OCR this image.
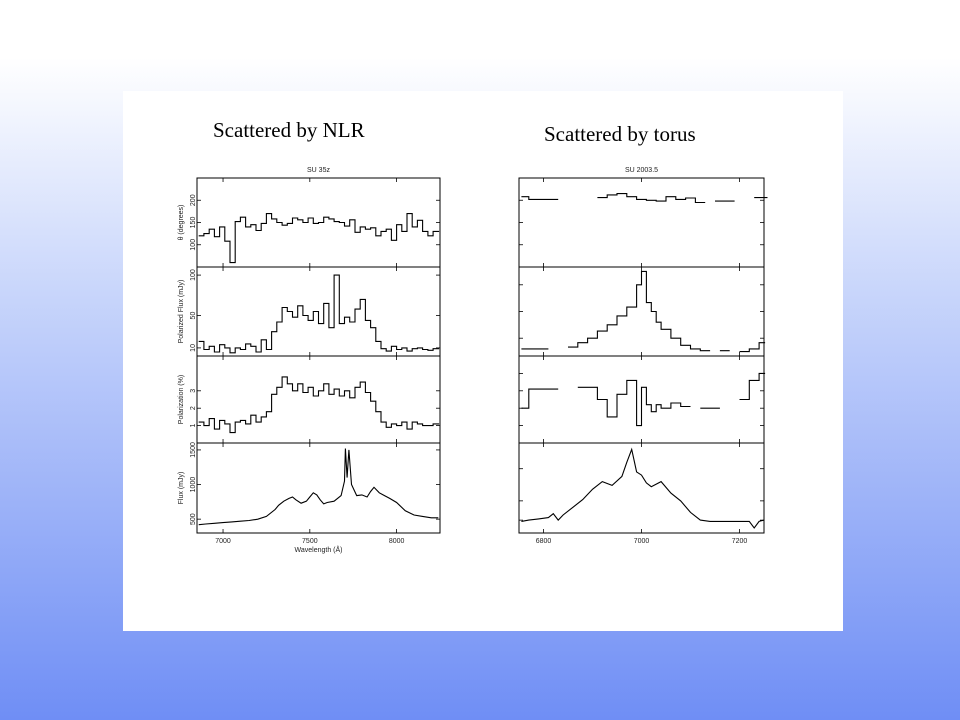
Scattered by NLR	Scattered by torus
SU 35z
100
150
200
θ (degrees)
10
50
100
Polarized Flux (mJy)
1
2
3
Polarization (%)
500
1000
1500
Flux (mJy)
7000	7500	8000
Wavelength (Å)
SU 2003.5
6800	7000	7200
